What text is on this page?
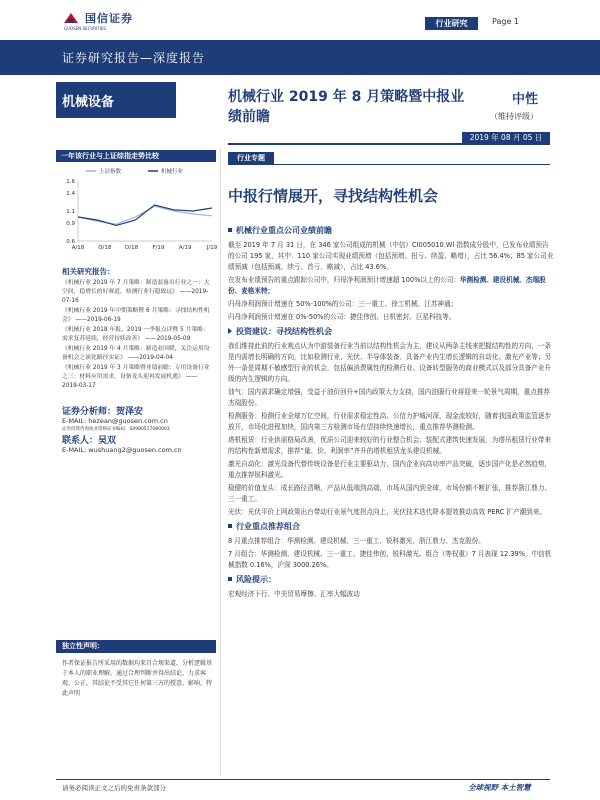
国信证券
GUOSEN SECURITIES
行业研究	Page 1
证券研究报告—深度报告
机械设备	机械行业 2019 年 8 月策略暨中报业绩前瞻
中性
（维持评级）
2019 年 08 月 05 日
一年该行业与上证综指走势比较
上证指数	机械行业
0.6
0.9
1.1
1.4
1.6
A/18	O/18 D/18	F/19	A/19	J/19
相关研究报告：
《机械行业 2019 年 7 月策略：制造装备出行业之一：大空间，稳增长的好赛道，检测行业行稳致远》 ——2019-07-16
《机械行业 2019 年中期策略暨 6 月策略：寻找结构性机会》 ——2019-06-19
《机械行业 2018 年报、2019 一季报点评暨 5 月策略：需求复苏延续，经营持续改善》 ——2019-05-09
《机械行业 2019 年 4 月策略：制造业回暖，关注运用设备机会之演化路径实证》 ——2019-04-04
《机械行业 2019 年 3 月策略暨业绩前瞻：专用设备行业之三：材料应用需求，设备龙头迎再发展机遇》 ——2019-03-17
证券分析师：贺泽安
E-MAIL: hezean@guosen.com.cn
证券投资咨询执业资格证书编码：S0980517080003
联系人：吴双
E-MAIL: wushuang2@guosen.com.cn
独立性声明：
作者保证报告所采用的数据均来自合规渠道，分析逻辑基于本人的职业理解，通过合理判断并得出结论，力求客观、公正，其结论不受其它任何第三方的授意、影响，特此声明
行业专题
中报行情展开，寻找结构性机会
机械行业重点公司业绩前瞻
截至 2019 年 7 月 31 日，在 346 家公司组成的机械（中信）CI005010.WI 指数成分股中，已发布业绩预告的公司 195 家，其中：110 家公司实现业绩预增（包括预增、扭亏、续盈、略增），占比 56.4%；85 家公司业绩预减（包括预减、续亏、首亏、略减），占比 43.6%。
在发布业绩预告的重点跟踪公司中，归母净利润预计增速超 100%以上的公司：华测检测、建设机械、杰瑞股份、麦格米特；
归母净利润预计增速在 50%-100%的公司：三一重工、徐工机械、江苏神通；
归母净利润预计增速在 0%-50%的公司：捷佳伟创、日机密封、巨星科技等。
投资建议：寻找结构性机会
我们维持此前的行业观点认为中游装备行业当前以结构性机会为主，建议从两条主线来把握结构性的方向，一条是内需增长明确的方向，比如检测行业、光伏、半导体装备、具备产业内生增长逻辑的自动化、激光产业等；另外一条是周期不敏感型行业的机会，包括偏消费属性的检测行业、设备转型服务的商业模式以及部分具备产业升级的内生逻辑的方向。
油气：国内需求确定增强，受益于油价回升+国内政策大力支持，国内油服行业将迎来一轮景气周期，重点推荐杰瑞股份。
检测服务：检测行业全球万亿空间，行业需求稳定性高、公信力护城河深，现金流较好，随着我国政策监管逐步放开，市场化进程加快，国内第三方检测市场有望持续快速增长，重点推荐华测检测。
塔机租赁：行业供需格局改善，优质公司迎来较好的行业整合机会；装配式建筑快速发展，为塔吊租赁行业带来的结构性新增需求，推荐“量、价、利润率”齐升的塔机租赁龙头建设机械。
激光自动化：激光设备代替传统设备是行业主要驱动力，国内企业向高功率产品突破，逐步国产化是必然趋势，重点推荐锐科激光。
稳健的价值龙头：成长路径清晰，产品从低端到高端，市场从国内到全球，市场份额不断扩张，推荐浙江鼎力、三一重工。
光伏：光伏平价上网政策出台带动行业景气度拐点向上，光伏技术迭代降本提效推动高效 PERC 扩产潮到来。
行业重点推荐组合
8 月重点推荐组合：华测检测、建设机械、三一重工、锐科激光、浙江鼎力、杰克股份。
7 月组合：华测检测、建设机械、三一重工、捷佳伟创、锐科激光。组合（等权重）7 月表现 12.39%，中信机械指数 0.16%，沪深 3000.26%。
风险提示：
宏观经济下行、中美贸易摩擦、汇率大幅波动
请务必阅读正文之后的免责条款部分	全球视野 本土智慧
